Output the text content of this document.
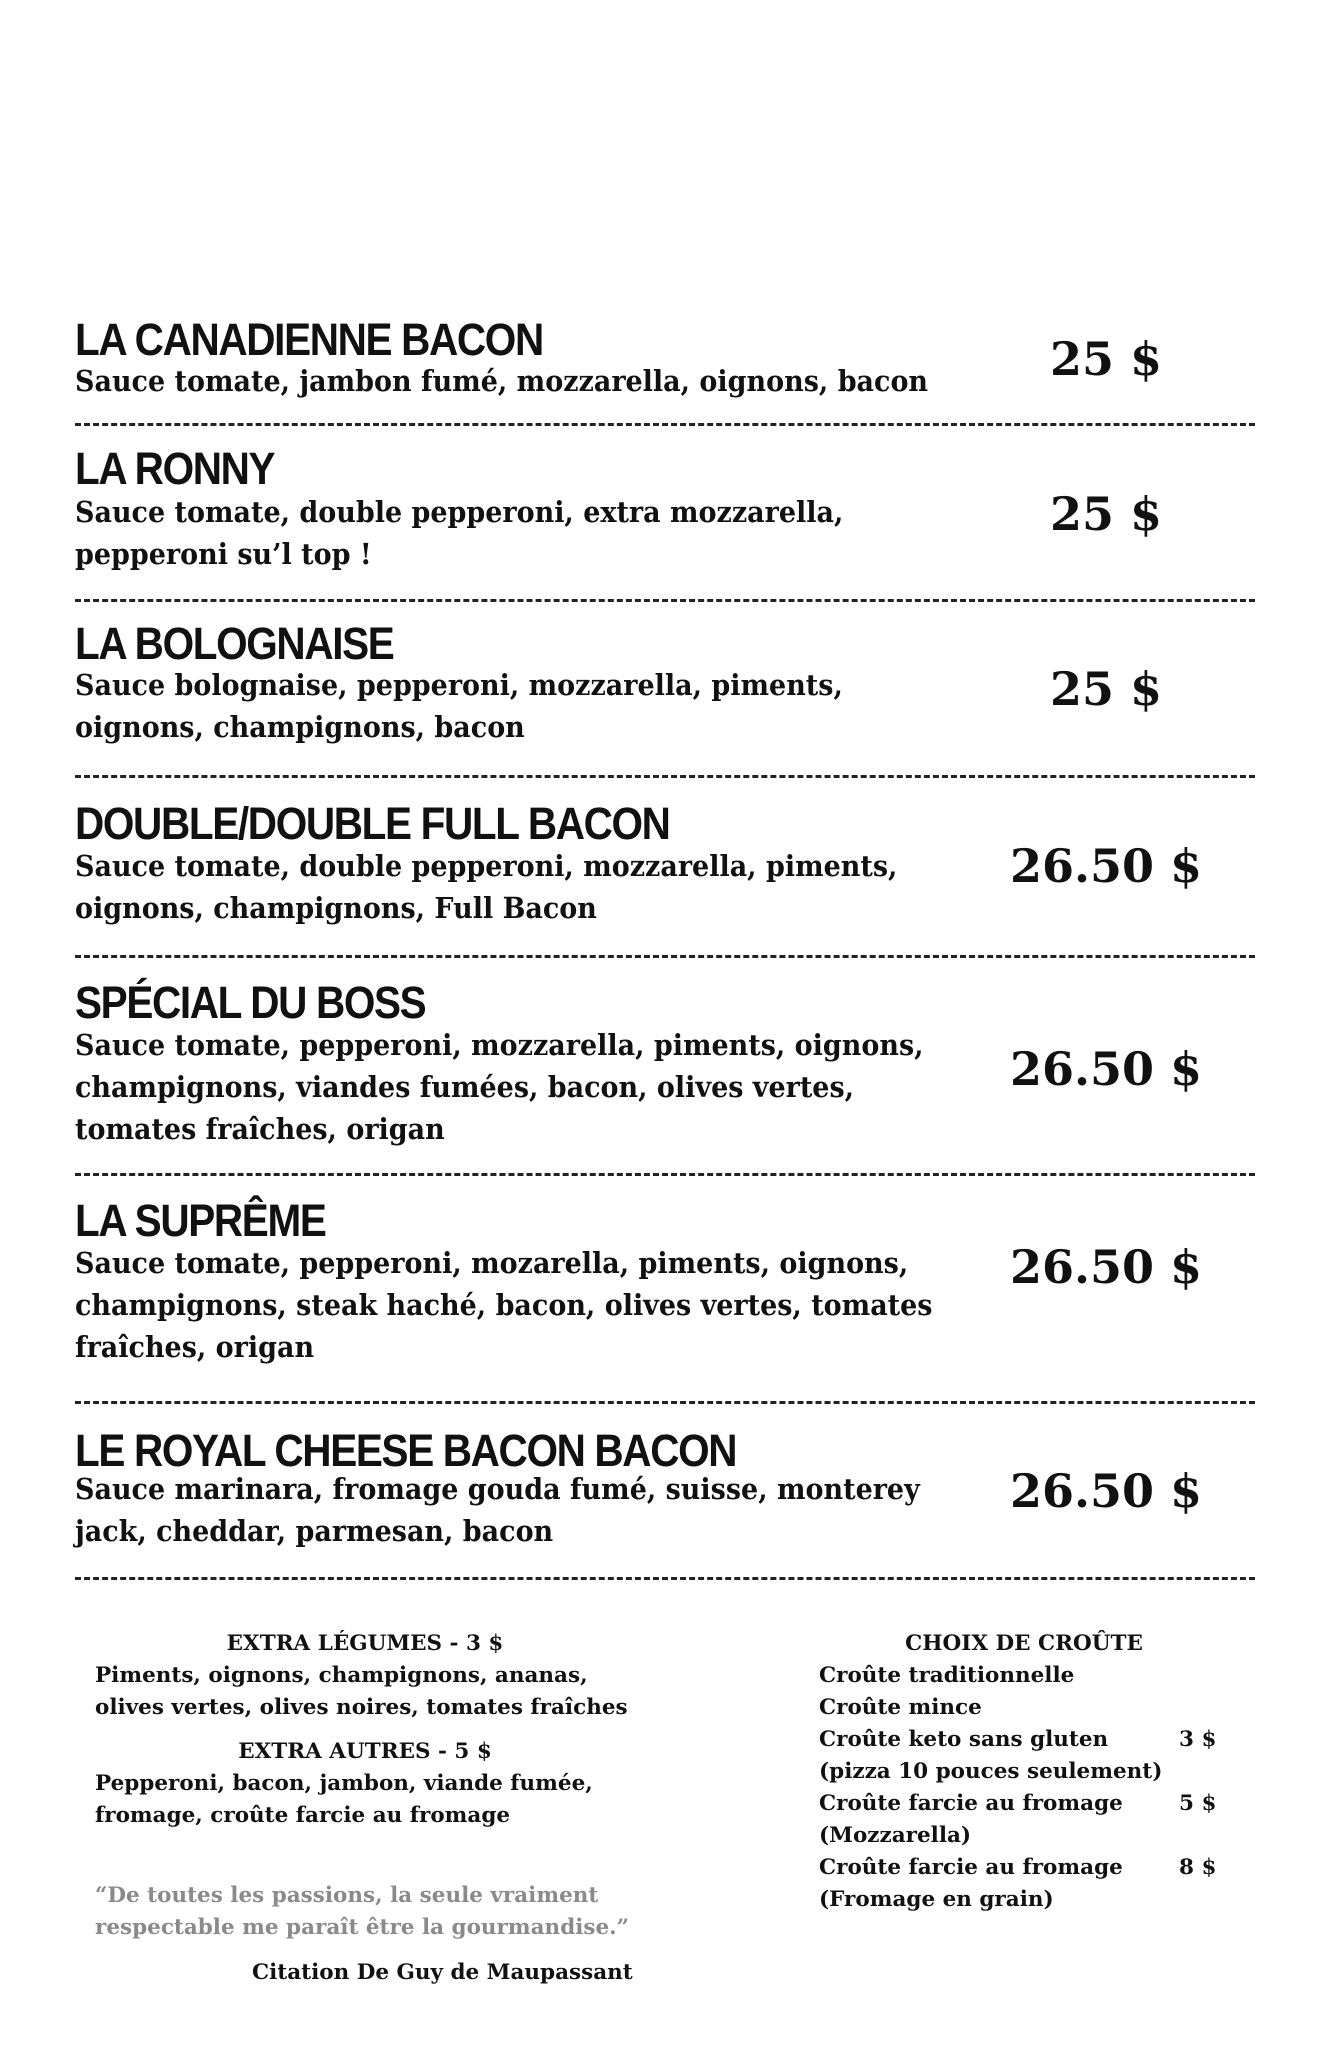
LA CANADIENNE BACON
Sauce tomate, jambon fumé, mozzarella, oignons, bacon	25 $
LA RONNY
Sauce tomate, double pepperoni, extra mozzarella, pepperoni su’l top !
25 $
LA BOLOGNAISE
Sauce bolognaise, pepperoni, mozzarella, piments, oignons, champignons, bacon
25 $
DOUBLE/DOUBLE FULL BACON
Sauce tomate, double pepperoni, mozzarella, piments, oignons, champignons, Full Bacon
26.50 $
SPÉCIAL DU BOSS
Sauce tomate, pepperoni, mozzarella, piments, oignons, champignons, viandes fumées, bacon, olives vertes, tomates fraîches, origan
26.50 $
LA SUPRÊME
Sauce tomate, pepperoni, mozarella, piments, oignons, champignons, steak haché, bacon, olives vertes, tomates fraîches, origan
26.50 $
LE ROYAL CHEESE BACON BACON
Sauce marinara, fromage gouda fumé, suisse, monterey jack, cheddar, parmesan, bacon
26.50 $
EXTRA LÉGUMES - 3 $
Piments, oignons, champignons, ananas,
olives vertes, olives noires, tomates fraîches
EXTRA AUTRES - 5 $
Pepperoni, bacon, jambon, viande fumée,
fromage, croûte farcie au fromage
“De toutes les passions, la seule vraiment
respectable me paraît être la gourmandise.”
Citation De Guy de Maupassant
CHOIX DE CROÛTE
Croûte traditionnelle
Croûte mince
Croûte keto sans gluten	3 $
(pizza 10 pouces seulement)
Croûte farcie au fromage	5 $
(Mozzarella)
Croûte farcie au fromage	8 $
(Fromage en grain)
